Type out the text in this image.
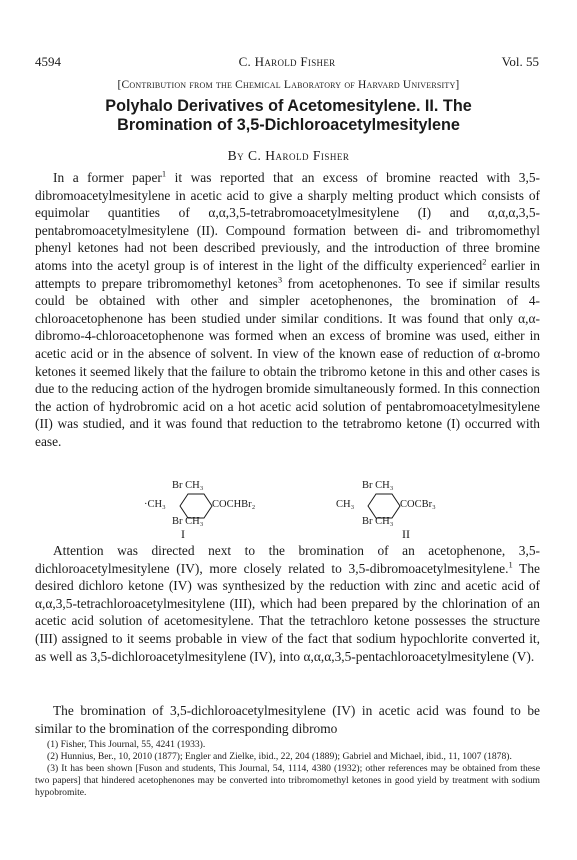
4594	C. Harold Fisher	Vol. 55
[Contribution from the Chemical Laboratory of Harvard University]
Polyhalo Derivatives of Acetomesitylene. II. The
Bromination of 3,5-Dichloroacetylmesitylene
By C. Harold Fisher
In a former paper$^1$ it was reported that an excess of bromine reacted with 3,5-dibromoacetylmesitylene in acetic acid to give a sharply melting product which consists of equimolar quantities of α,α,3,5-tetrabromoacetylmesitylene (I) and α,α,α,3,5-pentabromoacetylmesitylene (II). Compound formation between di- and tribromomethyl phenyl ketones had not been described previously, and the introduction of three bromine atoms into the acetyl group is of interest in the light of the difficulty experienced$^2$ earlier in attempts to prepare tribromomethyl ketones$^3$ from acetophenones. To see if similar results could be obtained with other and simpler acetophenones, the bromination of 4-chloroacetophenone has been studied under similar conditions. It was found that only α,α-dibromo-4-chloroacetophenone was formed when an excess of bromine was used, either in acetic acid or in the absence of solvent. In view of the known ease of reduction of α-bromo ketones it seemed likely that the failure to obtain the tribromo ketone in this and other cases is due to the reducing action of the hydrogen bromide simultaneously formed. In this connection the action of hydrobromic acid on a hot acetic acid solution of pentabromoacetylmesitylene (II) was studied, and it was found that reduction to the tetrabromo ketone (I) occurred with ease.
Br CH₃
·CH₃	COCHBr₂
Br CH₃
I
Br CH₃
CH₃	COCBr₃
Br CH₃
II
Attention was directed next to the bromination of an acetophenone, 3,5-dichloroacetylmesitylene (IV), more closely related to 3,5-dibromoacetylmesitylene.$^1$ The desired dichloro ketone (IV) was synthesized by the reduction with zinc and acetic acid of α,α,3,5-tetrachloroacetylmesitylene (III), which had been prepared by the chlorination of an acetic acid solution of acetomesitylene. That the tetrachloro ketone possesses the structure (III) assigned to it seems probable in view of the fact that sodium hypochlorite converted it, as well as 3,5-dichloroacetylmesitylene (IV), into α,α,α,3,5-pentachloroacetylmesitylene (V).
The bromination of 3,5-dichloroacetylmesitylene (IV) in acetic acid was found to be similar to the bromination of the corresponding dibromo

(1) Fisher, This Journal, 55, 4241 (1933).

(2) Hunnius, Ber., 10, 2010 (1877); Engler and Zielke, ibid., 22, 204 (1889); Gabriel and Michael, ibid., 11, 1007 (1878).

(3) It has been shown [Fuson and students, This Journal, 54, 1114, 4380 (1932); other references may be obtained from these two papers] that hindered acetophenones may be converted into tribromomethyl ketones in good yield by treatment with sodium hypobromite.
